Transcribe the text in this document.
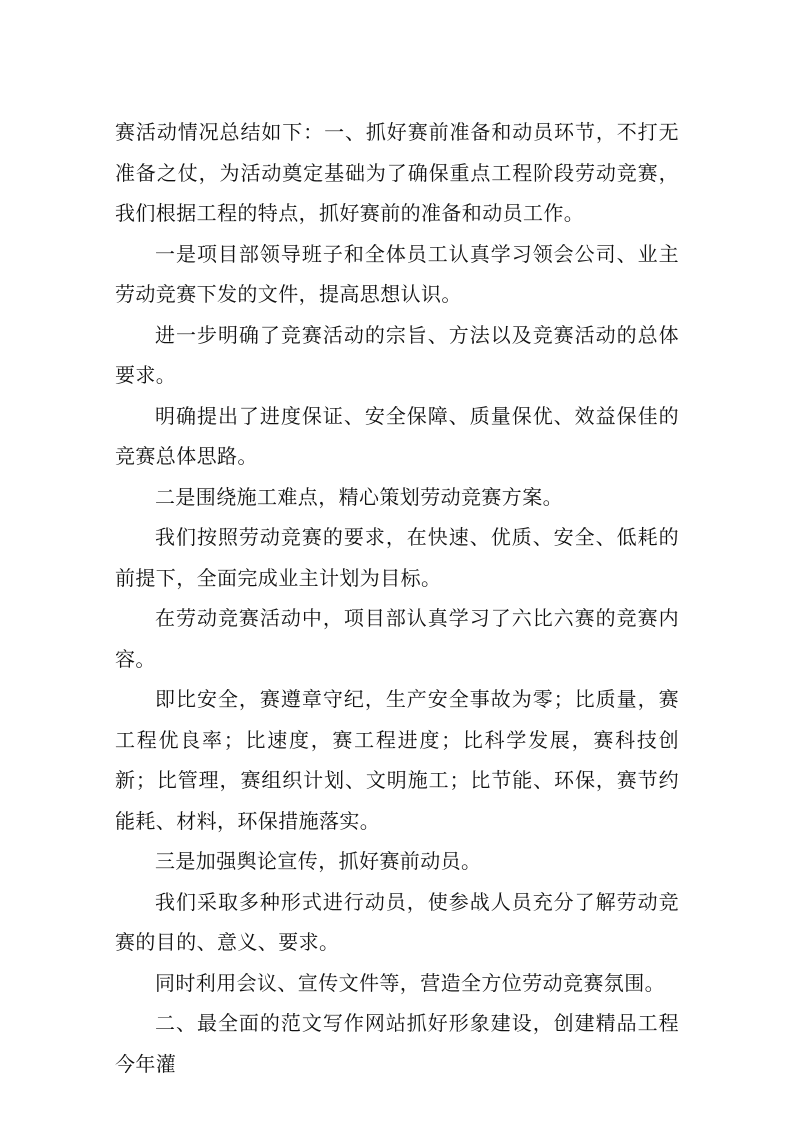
赛活动情况总结如下：一、抓好赛前准备和动员环节，不打无准备之仗，为活动奠定基础为了确保重点工程阶段劳动竞赛，我们根据工程的特点，抓好赛前的准备和动员工作。

一是项目部领导班子和全体员工认真学习领会公司、业主劳动竞赛下发的文件，提高思想认识。

进一步明确了竞赛活动的宗旨、方法以及竞赛活动的总体要求。

明确提出了进度保证、安全保障、质量保优、效益保佳的竞赛总体思路。

二是围绕施工难点，精心策划劳动竞赛方案。

我们按照劳动竞赛的要求，在快速、优质、安全、低耗的前提下，全面完成业主计划为目标。

在劳动竞赛活动中，项目部认真学习了六比六赛的竞赛内容。

即比安全，赛遵章守纪，生产安全事故为零；比质量，赛工程优良率；比速度，赛工程进度；比科学发展，赛科技创新；比管理，赛组织计划、文明施工；比节能、环保，赛节约能耗、材料，环保措施落实。

三是加强舆论宣传，抓好赛前动员。

我们采取多种形式进行动员，使参战人员充分了解劳动竞赛的目的、意义、要求。

同时利用会议、宣传文件等，营造全方位劳动竞赛氛围。

二、最全面的范文写作网站抓好形象建设，创建精品工程今年灌
